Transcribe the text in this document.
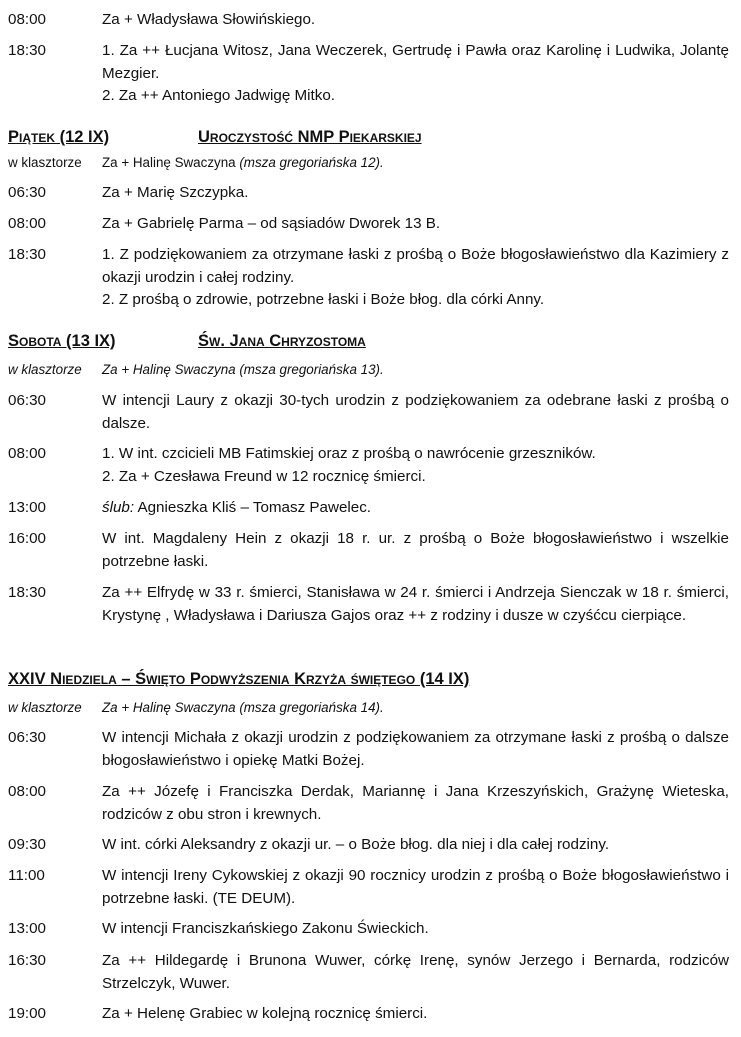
08:00	Za + Władysława Słowińskiego.
18:30	1. Za ++ Łucjana Witosz, Jana Weczerek, Gertrudę i Pawła oraz Karolinę i Ludwika, Jolantę Mezgier.
2. Za ++ Antoniego Jadwigę Mitko.
Piątek (12 IX)	Uroczystość NMP Piekarskiej
w klasztorze	Za + Halinę Swaczyna (msza gregoriańska 12).
06:30	Za + Marię Szczypka.
08:00	Za + Gabrielę Parma – od sąsiadów Dworek 13 B.
18:30	1. Z podziękowaniem za otrzymane łaski z prośbą o Boże błogosławieństwo dla Kazimiery z okazji urodzin i całej rodziny.
2. Z prośbą o zdrowie, potrzebne łaski i Boże błog. dla córki Anny.
Sobota (13 IX)	Św. Jana Chryzostoma
w klasztorze	Za + Halinę Swaczyna (msza gregoriańska 13).
06:30	W intencji Laury z okazji 30-tych urodzin z podziękowaniem za odebrane łaski z prośbą o dalsze.
08:00	1. W int. czcicieli MB Fatimskiej oraz z prośbą o nawrócenie grzeszników.
2. Za + Czesława Freund w 12 rocznicę śmierci.
13:00	ślub: Agnieszka Kliś – Tomasz Pawelec.
16:00	W int. Magdaleny Hein z okazji 18 r. ur. z prośbą o Boże błogosławieństwo i wszelkie potrzebne łaski.
18:30	Za ++ Elfrydę w 33 r. śmierci, Stanisława w 24 r. śmierci i Andrzeja Sienczak w 18 r. śmierci, Krystynę , Władysława i Dariusza Gajos oraz ++ z rodziny i dusze w czyśćcu cierpiące.
XXIV Niedziela – Święto Podwyższenia Krzyża świętego (14 IX)
w klasztorze	Za + Halinę Swaczyna (msza gregoriańska 14).
06:30	W intencji Michała z okazji urodzin z podziękowaniem za otrzymane łaski z prośbą o dalsze błogosławieństwo i opiekę Matki Bożej.
08:00	Za ++ Józefę i Franciszka Derdak, Mariannę i Jana Krzeszyńskich, Grażynę Wieteska, rodziców z obu stron i krewnych.
09:30	W int. córki Aleksandry z okazji ur. – o Boże błog. dla niej i dla całej rodziny.
11:00	W intencji Ireny Cykowskiej z okazji 90 rocznicy urodzin z prośbą o Boże błogosławieństwo i potrzebne łaski. (TE DEUM).
13:00	W intencji Franciszkańskiego Zakonu Świeckich.
16:30	Za ++ Hildegardę i Brunona Wuwer, córkę Irenę, synów Jerzego i Bernarda, rodziców Strzelczyk, Wuwer.
19:00	Za + Helenę Grabiec w kolejną rocznicę śmierci.
